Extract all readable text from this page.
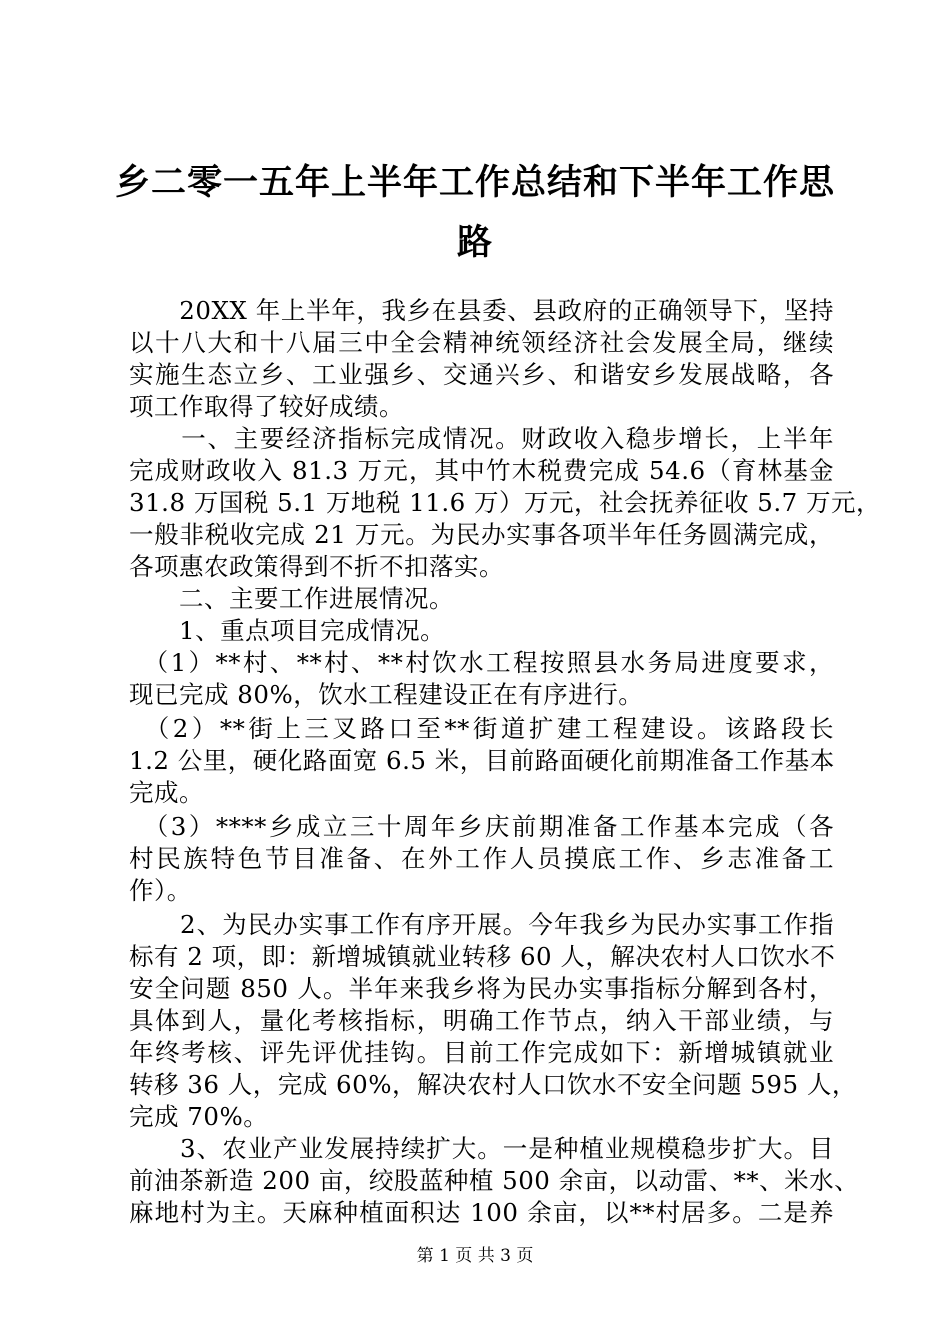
乡二零一五年上半年工作总结和下半年工作思
路
　　20XX 年上半年，我乡在县委、县政府的正确领导下，坚持
以十八大和十八届三中全会精神统领经济社会发展全局，继续
实施生态立乡、工业强乡、交通兴乡、和谐安乡发展战略，各
项工作取得了较好成绩。
　　一、主要经济指标完成情况。财政收入稳步增长，上半年
完成财政收入 81.3 万元，其中竹木税费完成 54.6（育林基金
31.8 万国税 5.1 万地税 11.6 万）万元，社会抚养征收 5.7 万元，
一般非税收完成 21 万元。为民办实事各项半年任务圆满完成，
各项惠农政策得到不折不扣落实。
　　二、主要工作进展情况。
　　1、重点项目完成情况。
　（1）**村、**村、**村饮水工程按照县水务局进度要求，
现已完成 80%，饮水工程建设正在有序进行。
　（2）**街上三叉路口至**街道扩建工程建设。该路段长
1.2 公里，硬化路面宽 6.5 米，目前路面硬化前期准备工作基本
完成。
　（3）****乡成立三十周年乡庆前期准备工作基本完成（各
村民族特色节目准备、在外工作人员摸底工作、乡志准备工
作）。
　　2、为民办实事工作有序开展。今年我乡为民办实事工作指
标有 2 项，即：新增城镇就业转移 60 人，解决农村人口饮水不
安全问题 850 人。半年来我乡将为民办实事指标分解到各村，
具体到人，量化考核指标，明确工作节点，纳入干部业绩，与
年终考核、评先评优挂钩。目前工作完成如下：新增城镇就业
转移 36 人，完成 60%，解决农村人口饮水不安全问题 595 人，
完成 70%。
　　3、农业产业发展持续扩大。一是种植业规模稳步扩大。目
前油茶新造 200 亩，绞股蓝种植 500 余亩，以动雷、**、米水、
麻地村为主。天麻种植面积达 100 余亩，以**村居多。二是养
第 1 页 共 3 页
